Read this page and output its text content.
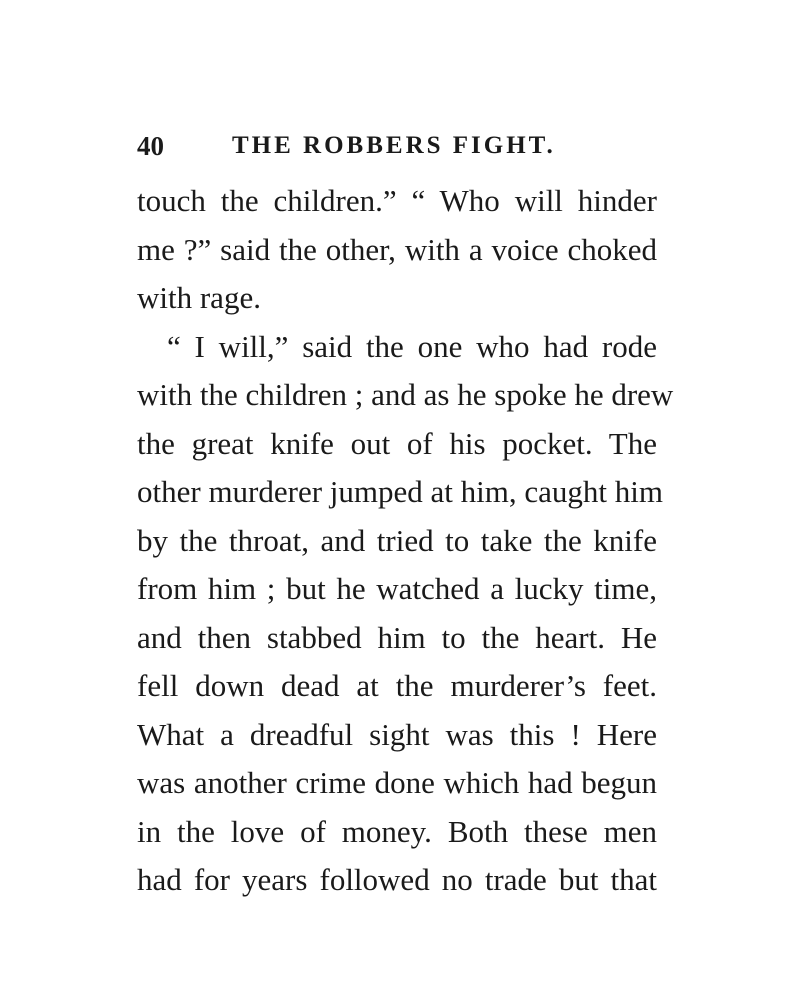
40	THE ROBBERS FIGHT.
touch the children.” “ Who will hinder
me ?” said the other, with a voice choked
with rage.
“ I will,” said the one who had rode
with the children ; and as he spoke he drew
the great knife out of his pocket. The
other murderer jumped at him, caught him
by the throat, and tried to take the knife
from him ; but he watched a lucky time,
and then stabbed him to the heart. He
fell down dead at the murderer’s feet.
What a dreadful sight was this ! Here
was another crime done which had begun
in the love of money. Both these men
had for years followed no trade but that
